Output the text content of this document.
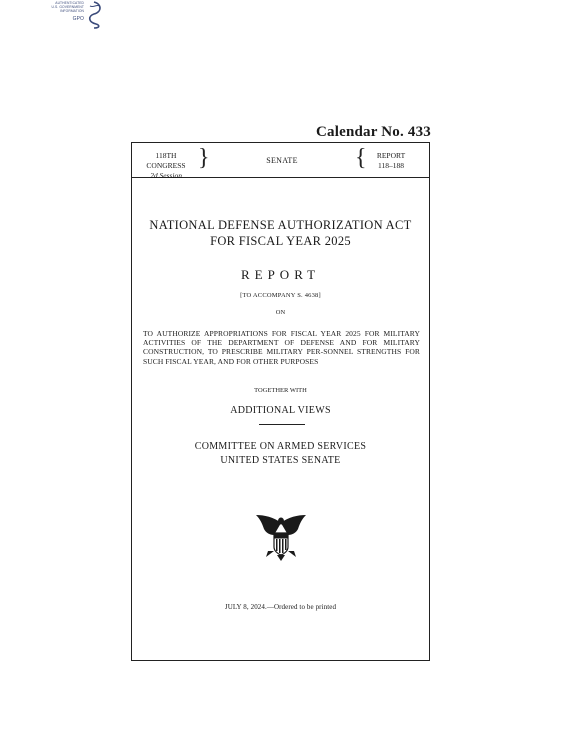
AUTHENTICATED
U.S. GOVERNMENT
INFORMATION
GPO
Calendar No. 433
118TH CONGRESS
2d Session
}	SENATE	{	REPORT
118–188
NATIONAL DEFENSE AUTHORIZATION ACT
FOR FISCAL YEAR 2025
REPORT
[TO ACCOMPANY S. 4638]
ON
TO AUTHORIZE APPROPRIATIONS FOR FISCAL YEAR 2025 FOR MILITARY ACTIVITIES OF THE DEPARTMENT OF DEFENSE AND FOR MILITARY CONSTRUCTION, TO PRESCRIBE MILITARY PER-SONNEL STRENGTHS FOR SUCH FISCAL YEAR, AND FOR OTHER PURPOSES
TOGETHER WITH
ADDITIONAL VIEWS
COMMITTEE ON ARMED SERVICES
UNITED STATES SENATE
JULY 8, 2024.—Ordered to be printed
